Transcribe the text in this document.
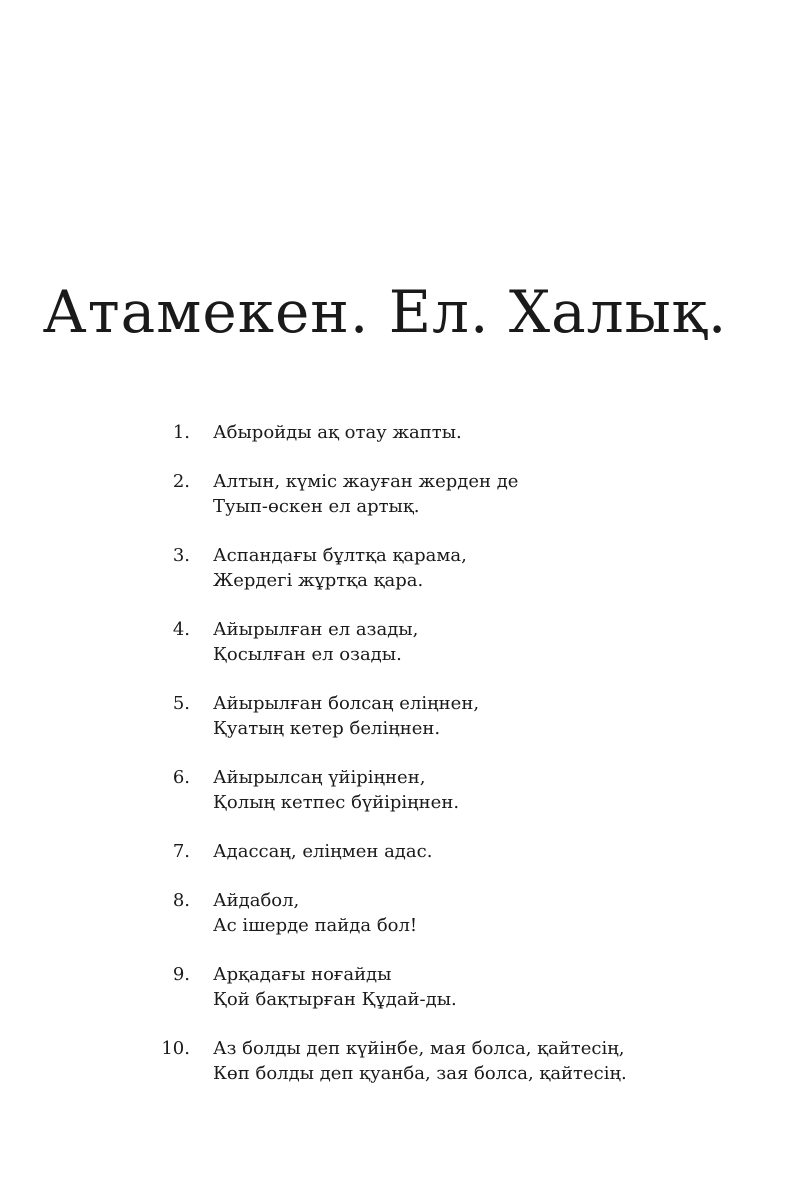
Атамекен. Ел. Халық.
1. Абыройды ақ отау жапты.
2. Алтын, күміс жауған жерден де
Туып-өскен ел артық.
3. Аспандағы бұлтқа қарама,
Жердегі жұртқа қара.
4. Айырылған ел азады,
Қосылған ел озады.
5. Айырылған болсаң еліңнен,
Қуатың кетер беліңнен.
6. Айырылсаң үйіріңнен,
Қолың кетпес бүйіріңнен.
7. Адассаң, еліңмен адас.
8. Айдабол,
Ас ішерде пайда бол!
9. Арқадағы ноғайды
Қой бақтырған Құдай-ды.
10. Аз болды деп күйінбе, мая болса, қайтесің,
Көп болды деп қуанба, зая болса, қайтесің.
